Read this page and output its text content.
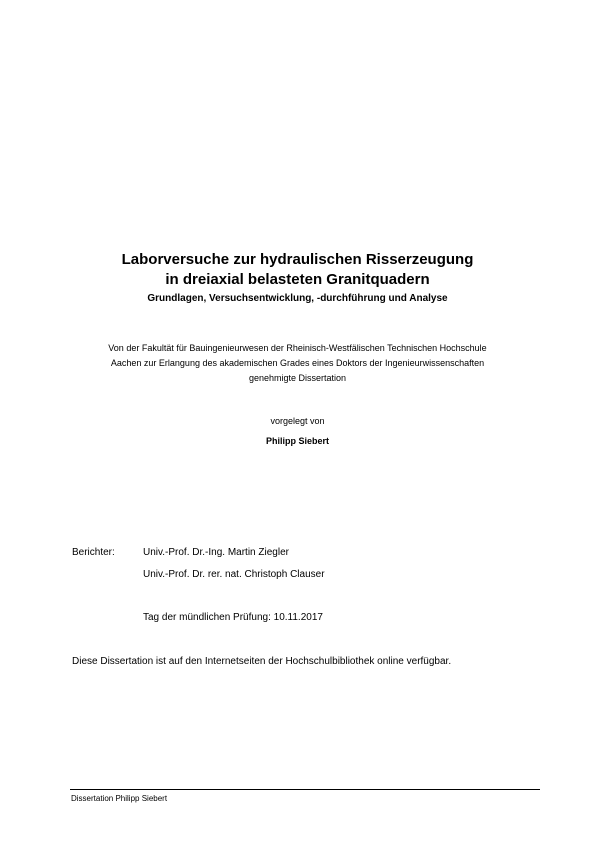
Laborversuche zur hydraulischen Risserzeugung
in dreiaxial belasteten Granitquadern
Grundlagen, Versuchsentwicklung, -durchführung und Analyse
Von der Fakultät für Bauingenieurwesen der Rheinisch-Westfälischen Technischen Hochschule
Aachen zur Erlangung des akademischen Grades eines Doktors der Ingenieurwissenschaften
genehmigte Dissertation
vorgelegt von
Philipp Siebert
Berichter:	Univ.-Prof. Dr.-Ing. Martin Ziegler
Univ.-Prof. Dr. rer. nat. Christoph Clauser
Tag der mündlichen Prüfung: 10.11.2017
Diese Dissertation ist auf den Internetseiten der Hochschulbibliothek online verfügbar.
Dissertation Philipp Siebert
